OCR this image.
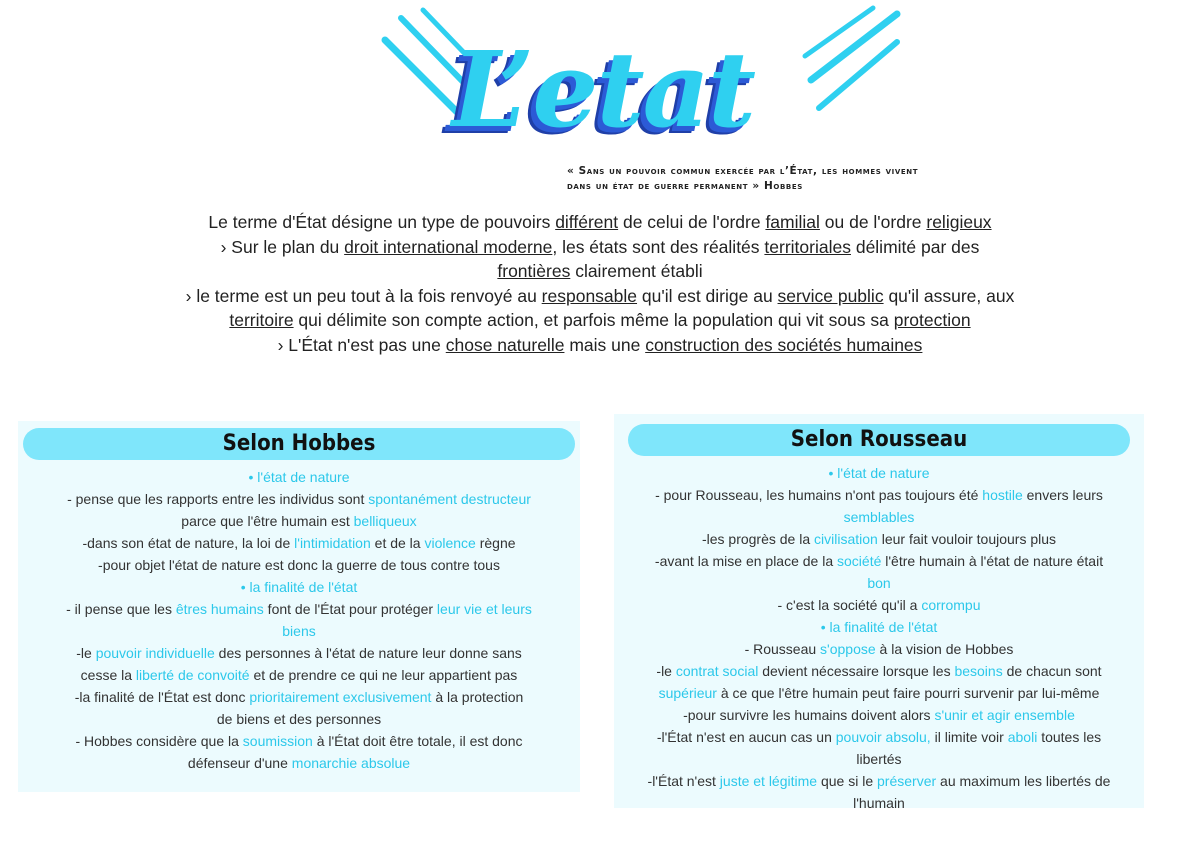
L’etat
« Sans un pouvoir commun exercée par l’État, les hommes vivent
dans un état de guerre permanent » Hobbes

Le terme d'État désigne un type de pouvoirs différent de celui de l'ordre familial ou de l'ordre religieux

› Sur le plan du droit international moderne, les états sont des réalités territoriales délimité par des

frontières clairement établi

› le terme est un peu tout à la fois renvoyé au responsable qu'il est dirige au service public qu'il assure, aux

territoire qui délimite son compte action, et parfois même la population qui vit sous sa protection

› L'État n'est pas une chose naturelle mais une construction des sociétés humaines

Selon Hobbes

• l'état de nature

- pense que les rapports entre les individus sont spontanément destructeur
parce que l'être humain est belliqueux

-dans son état de nature, la loi de l'intimidation et de la violence règne

-pour objet l'état de nature est donc la guerre de tous contre tous

• la finalité de l'état

- il pense que les êtres humains font de l'État pour protéger leur vie et leurs
biens

-le pouvoir individuelle des personnes à l'état de nature leur donne sans
cesse la liberté de convoité et de prendre ce qui ne leur appartient pas

-la finalité de l'État est donc prioritairement exclusivement à la protection
de biens et des personnes

- Hobbes considère que la soumission à l'État doit être totale, il est donc
défenseur d'une monarchie absolue

Selon Rousseau

• l'état de nature

- pour Rousseau, les humains n'ont pas toujours été hostile envers leurs
semblables

-les progrès de la civilisation leur fait vouloir toujours plus

-avant la mise en place de la société l'être humain à l'état de nature était
bon

- c'est la société qu'il a corrompu

• la finalité de l'état

- Rousseau s'oppose à la vision de Hobbes

-le contrat social devient nécessaire lorsque les besoins de chacun sont
supérieur à ce que l'être humain peut faire pourri survenir par lui-même

-pour survivre les humains doivent alors s'unir et agir ensemble

-l'État n'est en aucun cas un pouvoir absolu, il limite voir aboli toutes les
libertés

-l'État n'est juste et légitime que si le préserver au maximum les libertés de
l'humain
